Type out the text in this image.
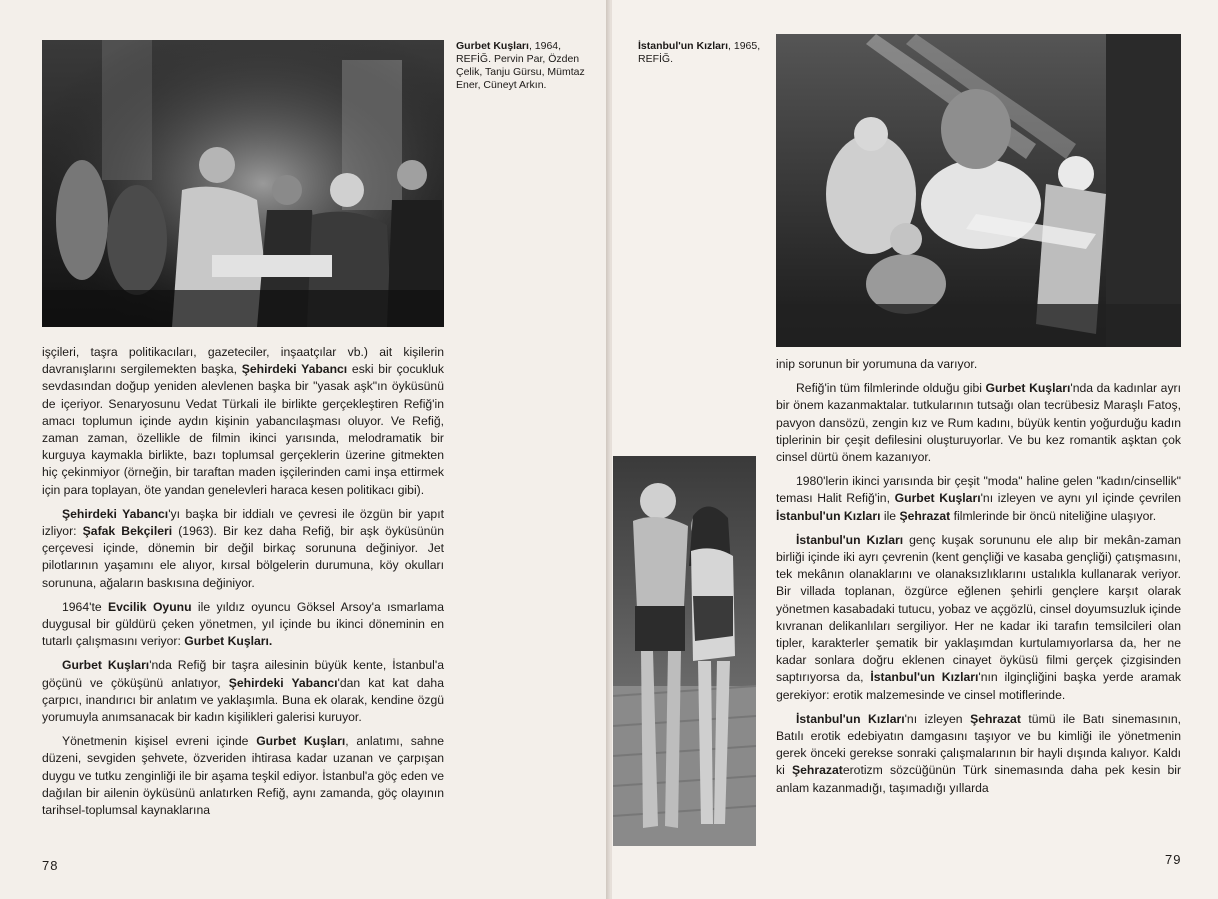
Gurbet Kuşları, 1964, REFİĞ. Pervin Par, Özden Çelik, Tanju Gürsu, Mümtaz Ener, Cüneyt Arkın.

işçileri, taşra politikacıları, gazeteciler, inşaatçılar vb.) ait kişilerin davranışlarını sergilemekten başka, Şehirdeki Yabancı eski bir çocukluk sevdasından doğup yeniden alevlenen başka bir "yasak aşk"ın öyküsünü de içeriyor. Senaryosunu Vedat Türkali ile birlikte gerçekleştiren Refiğ'in amacı toplumun içinde aydın kişinin yabancılaşması oluyor. Ve Refiğ, zaman zaman, özellikle de filmin ikinci yarısında, melodramatik bir kurguya kaymakla birlikte, bazı toplumsal gerçeklerin üzerine gitmekten hiç çekinmiyor (örneğin, bir taraftan maden işçilerinden cami inşa ettirmek için para toplayan, öte yandan genelevleri haraca kesen politikacı gibi).

Şehirdeki Yabancı'yı başka bir iddialı ve çevresi ile özgün bir yapıt izliyor: Şafak Bekçileri (1963). Bir kez daha Refiğ, bir aşk öyküsünün çerçevesi içinde, dönemin bir değil birkaç sorununa değiniyor. Jet pilotlarının yaşamını ele alıyor, kırsal bölgelerin durumuna, köy okulları sorununa, ağaların baskısına değiniyor.

1964'te Evcilik Oyunu ile yıldız oyuncu Göksel Arsoy'a ısmarlama duygusal bir güldürü çeken yönetmen, yıl içinde bu ikinci döneminin en tutarlı çalışmasını veriyor: Gurbet Kuşları.

Gurbet Kuşları'nda Refiğ bir taşra ailesinin büyük kente, İstanbul'a göçünü ve çöküşünü anlatıyor, Şehirdeki Yabancı'dan kat kat daha çarpıcı, inandırıcı bir anlatım ve yaklaşımla. Buna ek olarak, kendine özgü yorumuyla anımsanacak bir kadın kişilikleri galerisi kuruyor.

Yönetmenin kişisel evreni içinde Gurbet Kuşları, anlatımı, sahne düzeni, sevgiden şehvete, özveriden ihtirasa kadar uzanan ve çarpışan duygu ve tutku zenginliği ile bir aşama teşkil ediyor. İstanbul'a göç eden ve dağılan bir ailenin öyküsünü anlatırken Refiğ, aynı zamanda, göç olayının tarihsel-toplumsal kaynaklarına

78
İstanbul'un Kızları, 1965, REFİĞ.

inip sorunun bir yorumuna da varıyor.

Refiğ'in tüm filmlerinde olduğu gibi Gurbet Kuşları'nda da kadınlar ayrı bir önem kazanmaktalar. tutkularının tutsağı olan tecrübesiz Maraşlı Fatoş, pavyon dansözü, zengin kız ve Rum kadını, büyük kentin yoğurduğu kadın tiplerinin bir çeşit defilesini oluşturuyorlar. Ve bu kez romantik aşktan çok cinsel dürtü önem kazanıyor.

1980'lerin ikinci yarısında bir çeşit "moda" haline gelen "kadın/cinsellik" teması Halit Refiğ'in, Gurbet Kuşları'nı izleyen ve aynı yıl içinde çevrilen İstanbul'un Kızları ile Şehrazat filmlerinde bir öncü niteliğine ulaşıyor.

İstanbul'un Kızları genç kuşak sorununu ele alıp bir mekân-zaman birliği içinde iki ayrı çevrenin (kent gençliği ve kasaba gençliği) çatışmasını, tek mekânın olanaklarını ve olanaksızlıklarını ustalıkla kullanarak veriyor. Bir villada toplanan, özgürce eğlenen şehirli gençlere karşıt olarak yönetmen kasabadaki tutucu, yobaz ve açgözlü, cinsel doyumsuzluk içinde kıvranan delikanlıları sergiliyor. Her ne kadar iki tarafın temsilcileri olan tipler, karakterler şematik bir yaklaşımdan kurtulamıyorlarsa da, her ne kadar sonlara doğru eklenen cinayet öyküsü filmi gerçek çizgisinden saptırıyorsa da, İstanbul'un Kızları'nın ilginçliğini başka yerde aramak gerekiyor: erotik malzemesinde ve cinsel motiflerinde.

İstanbul'un Kızları'nı izleyen Şehrazat tümü ile Batı sinemasının, Batılı erotik edebiyatın damgasını taşıyor ve bu kimliği ile yönetmenin gerek önceki gerekse sonraki çalışmalarının bir hayli dışında kalıyor. Kaldı ki Şehrazaterotizm sözcüğünün Türk sinemasında daha pek kesin bir anlam kazanmadığı, taşımadığı yıllarda

79
